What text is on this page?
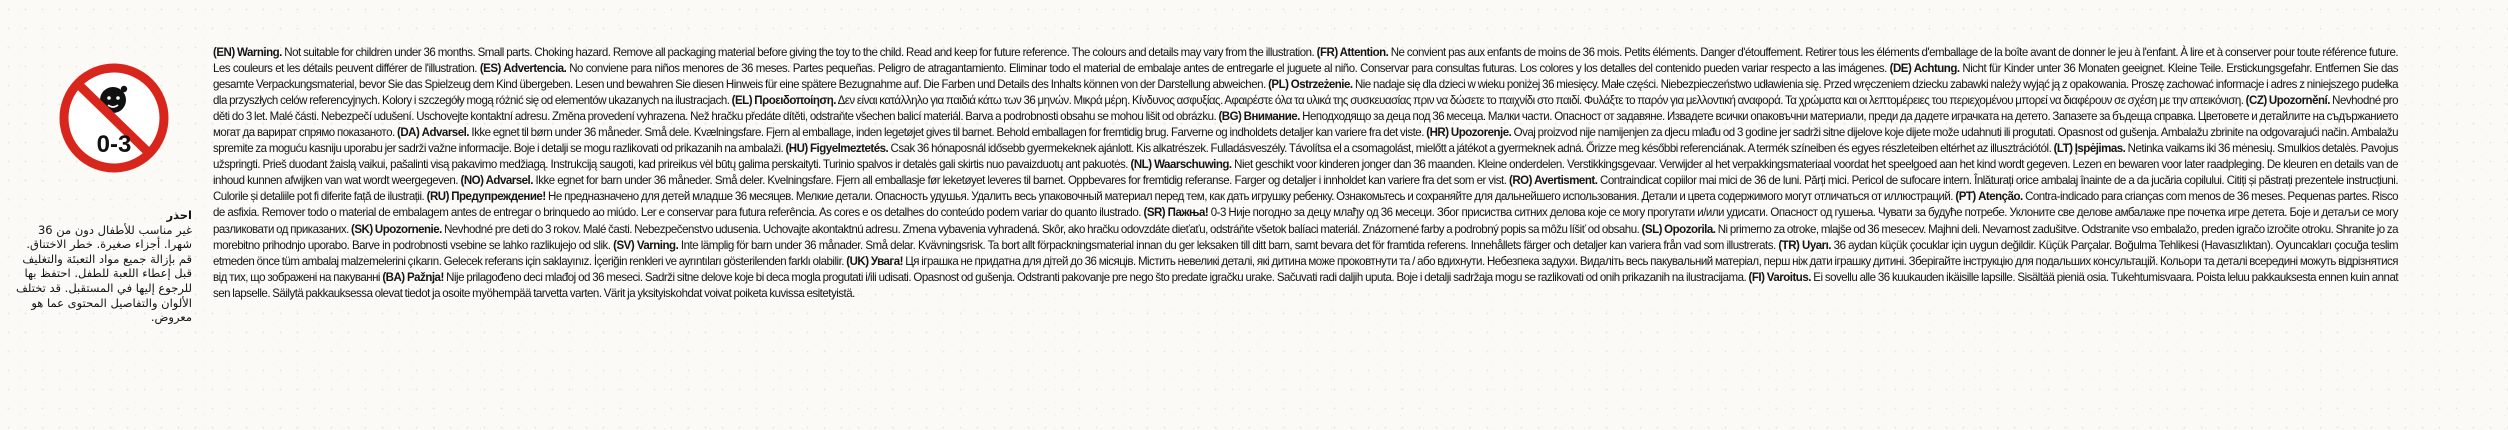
0-3
احذر
غير مناسب للأطفال دون من 36 شهرا. أجزاء صغيرة. خطر الاختناق. قم بإزالة جميع مواد التعبئة والتغليف قبل إعطاء اللعبة للطفل. احتفظ بها للرجوع إليها في المستقبل. قد تختلف الألوان والتفاصيل المحتوى عما هو معروض.
(EN) Warning. Not suitable for children under 36 months. Small parts. Choking hazard. Remove all packaging material before giving the toy to the child. Read and keep for future reference. The colours and details may vary from the illustration. (FR) Attention. Ne convient pas aux enfants de moins de 36 mois. Petits éléments. Danger d'étouffement. Retirer tous les éléments d'emballage de la boîte avant de donner le jeu à l'enfant. À lire et à conserver pour toute référence future. Les couleurs et les détails peuvent différer de l'illustration. (ES) Advertencia. No conviene para niños menores de 36 meses. Partes pequeñas. Peligro de atragantamiento. Eliminar todo el material de embalaje antes de entregarle el juguete al niño. Conservar para consultas futuras. Los colores y los detalles del contenido pueden variar respecto a las imágenes. (DE) Achtung. Nicht für Kinder unter 36 Monaten geeignet. Kleine Teile. Erstickungsgefahr. Entfernen Sie das gesamte Verpackungsmaterial, bevor Sie das Spielzeug dem Kind übergeben. Lesen und bewahren Sie diesen Hinweis für eine spätere Bezugnahme auf. Die Farben und Details des Inhalts können von der Darstellung abweichen. (PL) Ostrzeżenie. Nie nadaje się dla dzieci w wieku poniżej 36 miesięcy. Małe części. Niebezpieczeństwo udławienia się. Przed wręczeniem dziecku zabawki należy wyjąć ją z opakowania. Proszę zachować informacje i adres z niniejszego pudełka dla przyszłych celów referencyjnych. Kolory i szczegóły mogą różnić się od elementów ukazanych na ilustracjach. (EL) Προειδοποίηση. Δεν είναι κατάλληλο για παιδιά κάτω των 36 μηνών. Μικρά μέρη. Κίνδυνος ασφυξίας. Αφαιρέστε όλα τα υλικά της συσκευασίας πριν να δώσετε το παιχνίδι στο παιδί. Φυλάξτε το παρόν για μελλοντική αναφορά. Τα χρώματα και οι λεπτομέρειες του περιεχομένου μπορεί να διαφέρουν σε σχέση με την απεικόνιση. (CZ) Upozornění. Nevhodné pro děti do 3 let. Malé části. Nebezpečí udušení. Uschovejte kontaktní adresu. Změna provedení vyhrazena. Než hračku předáte dítěti, odstraňte všechen balicí materiál. Barva a podrobnosti obsahu se mohou lišit od obrázku. (BG) Внимание. Неподходящо за деца под 36 месеца. Малки части. Опасност от задавяне. Извадете всички опаковъчни материали, преди да дадете играчката на детето. Запазете за бъдеща справка. Цветовете и детайлите на съдържанието могат да варират спрямо показаното. (DA) Advarsel. Ikke egnet til børn under 36 måneder. Små dele. Kvælningsfare. Fjern al emballage, inden legetøjet gives til barnet. Behold emballagen for fremtidig brug. Farverne og indholdets detaljer kan variere fra det viste. (HR) Upozorenje. Ovaj proizvod nije namijenjen za djecu mlađu od 3 godine jer sadrži sitne dijelove koje dijete može udahnuti ili progutati. Opasnost od gušenja. Ambalažu zbrinite na odgovarajući način. Ambalažu spremite za moguću kasniju uporabu jer sadrži važne informacije. Boje i detalji se mogu razlikovati od prikazanih na ambalaži. (HU) Figyelmeztetés. Csak 36 hónaposnál idősebb gyermekeknek ajánlott. Kis alkatrészek. Fulladásveszély. Távolítsa el a csomagolást, mielőtt a játékot a gyermeknek adná. Őrizze meg későbbi referenciának. A termék színeiben és egyes részleteiben eltérhet az illusztrációtól. (LT) Įspėjimas. Netinka vaikams iki 36 mėnesių. Smulkios detalės. Pavojus užspringti. Prieš duodant žaislą vaikui, pašalinti visą pakavimo medžiagą. Instrukciją saugoti, kad prireikus vėl būtų galima perskaityti. Turinio spalvos ir detalės gali skirtis nuo pavaizduotų ant pakuotės. (NL) Waarschuwing. Niet geschikt voor kinderen jonger dan 36 maanden. Kleine onderdelen. Verstikkingsgevaar. Verwijder al het verpakkingsmateriaal voordat het speelgoed aan het kind wordt gegeven. Lezen en bewaren voor later raadpleging. De kleuren en details van de inhoud kunnen afwijken van wat wordt weergegeven. (NO) Advarsel. Ikke egnet for barn under 36 måneder. Små deler. Kvelningsfare. Fjern all emballasje før leketøyet leveres til barnet. Oppbevares for fremtidig referanse. Farger og detaljer i innholdet kan variere fra det som er vist. (RO) Avertisment. Contraindicat copiilor mai mici de 36 de luni. Părți mici. Pericol de sufocare intern. Înlăturați orice ambalaj înainte de a da jucăria copilului. Citiți și păstrați prezentele instrucțiuni. Culorile și detaliile pot fi diferite față de ilustrații. (RU) Предупреждение! Не предназначено для детей младше 36 месяцев. Мелкие детали. Опасность удушья. Удалить весь упаковочный материал перед тем, как дать игрушку ребенку. Ознакомьтесь и сохраняйте для дальнейшего использования. Детали и цвета содержимого могут отличаться от иллюстраций. (PT) Atenção. Contra-indicado para crianças com menos de 36 meses. Pequenas partes. Risco de asfixia. Remover todo o material de embalagem antes de entregar o brinquedo ao miúdo. Ler e conservar para futura referência. As cores e os detalhes do conteúdo podem variar do quanto ilustrado. (SR) Пажња! 0-3 Није погодно за децу млађу од 36 месеци. Због присиства ситних делова које се могу прогутати и/или удисати. Опасност од гушења. Чувати за будуће потребе. Уклоните све делове амбалаже пре почетка игре детета. Боје и детаљи се могу разликовати од приказаних. (SK) Upozornenie. Nevhodné pre deti do 3 rokov. Malé časti. Nebezpečenstvo udusenia. Uchovajte akontaktnú adresu. Zmena vybavenia vyhradená. Skôr, ako hračku odovzdáte dieťaťu, odstráňte všetok balíaci materiál. Znázornené farby a podrobný popis sa môžu líšiť od obsahu. (SL) Opozorila. Ni primerno za otroke, mlajše od 36 mesecev. Majhni deli. Nevarnost zadušitve. Odstranite vso embalažo, preden igračo izročite otroku. Shranite jo za morebitno prihodnjo uporabo. Barve in podrobnosti vsebine se lahko razlikujejo od slik. (SV) Varning. Inte lämplig för barn under 36 månader. Små delar. Kvävningsrisk. Ta bort allt förpackningsmaterial innan du ger leksaken till ditt barn, samt bevara det för framtida referens. Innehållets färger och detaljer kan variera från vad som illustrerats. (TR) Uyarı. 36 aydan küçük çocuklar için uygun değildir. Küçük Parçalar. Boğulma Tehlikesi (Havasızlıktan). Oyuncakları çocuğa teslim etmeden önce tüm ambalaj malzemelerini çıkarın. Gelecek referans için saklayınız. İçeriğin renkleri ve ayrıntıları gösterilenden farklı olabilir. (UK) Увага! Ця іграшка не придатна для дітей до 36 місяців. Містить невеликі деталі, які дитина може проковтнути та / або вдихнути. Небезпека задухи. Видаліть весь пакувальний матеріал, перш ніж дати іграшку дитині. Зберігайте інструкцію для подальших консультацій. Кольори та деталі всередині можуть відрізнятися від тих, що зображені на пакуванні (BA) Pažnja! Nije prilagođeno deci mlađoj od 36 meseci. Sadrži sitne delove koje bi deca mogla progutati i/ili udisati. Opasnost od gušenja. Odstranti pakovanje pre nego što predate igračku urake. Sačuvati radi daljih uputa. Boje i detalji sadržaja mogu se razlikovati od onih prikazanih na ilustracijama. (FI) Varoitus. Ei sovellu alle 36 kuukauden ikäisille lapsille. Sisältää pieniä osia. Tukehtumisvaara. Poista leluu pakkauksesta ennen kuin annat sen lapselle. Säilytä pakkauksessa olevat tiedot ja osoite myöhempää tarvetta varten. Värit ja yksityiskohdat voivat poiketa kuvissa esitetyistä.
